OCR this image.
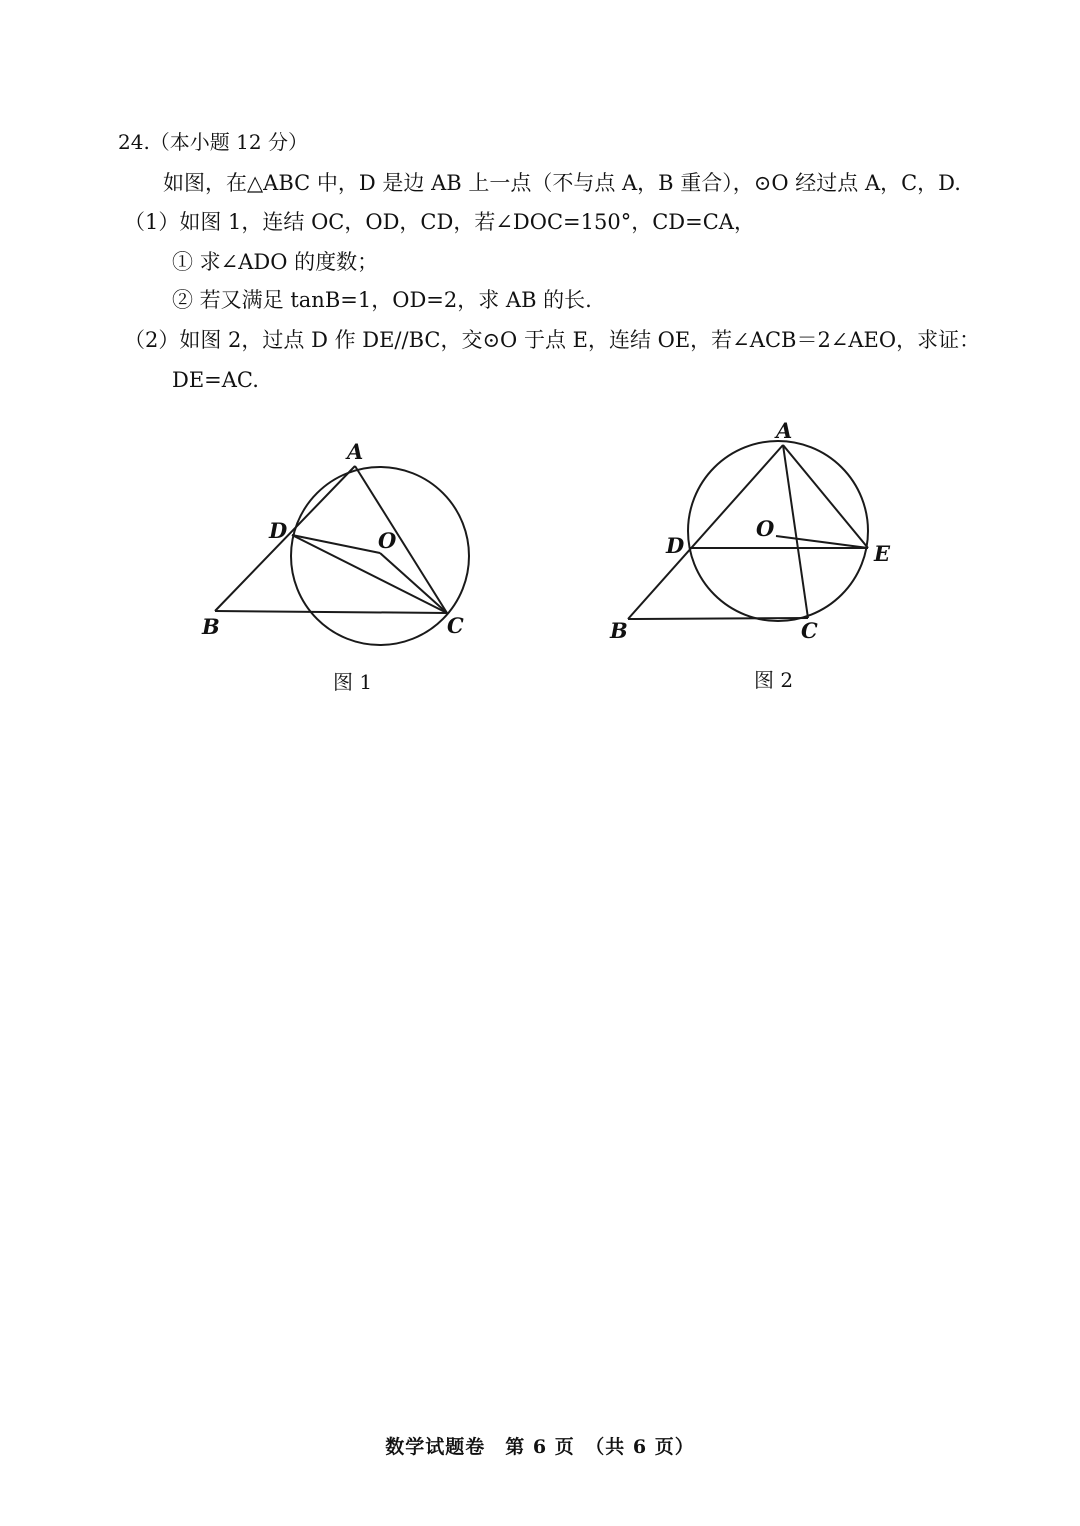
24.（本小题 12 分）
如图，在△ABC 中，D 是边 AB 上一点（不与点 A，B 重合），⊙O 经过点 A，C，D.
（1）如图 1，连结 OC，OD，CD，若∠DOC=150°，CD=CA，
① 求∠ADO 的度数；
② 若又满足 tanB=1，OD=2，求 AB 的长.
（2）如图 2，过点 D 作 DE//BC，交⊙O 于点 E，连结 OE，若∠ACB＝2∠AEO，求证：
DE=AC.
A
D	O
B	C
图 1
A
O
D	E
B	C
图 2
数学试题卷　第 6 页　（共 6 页）
